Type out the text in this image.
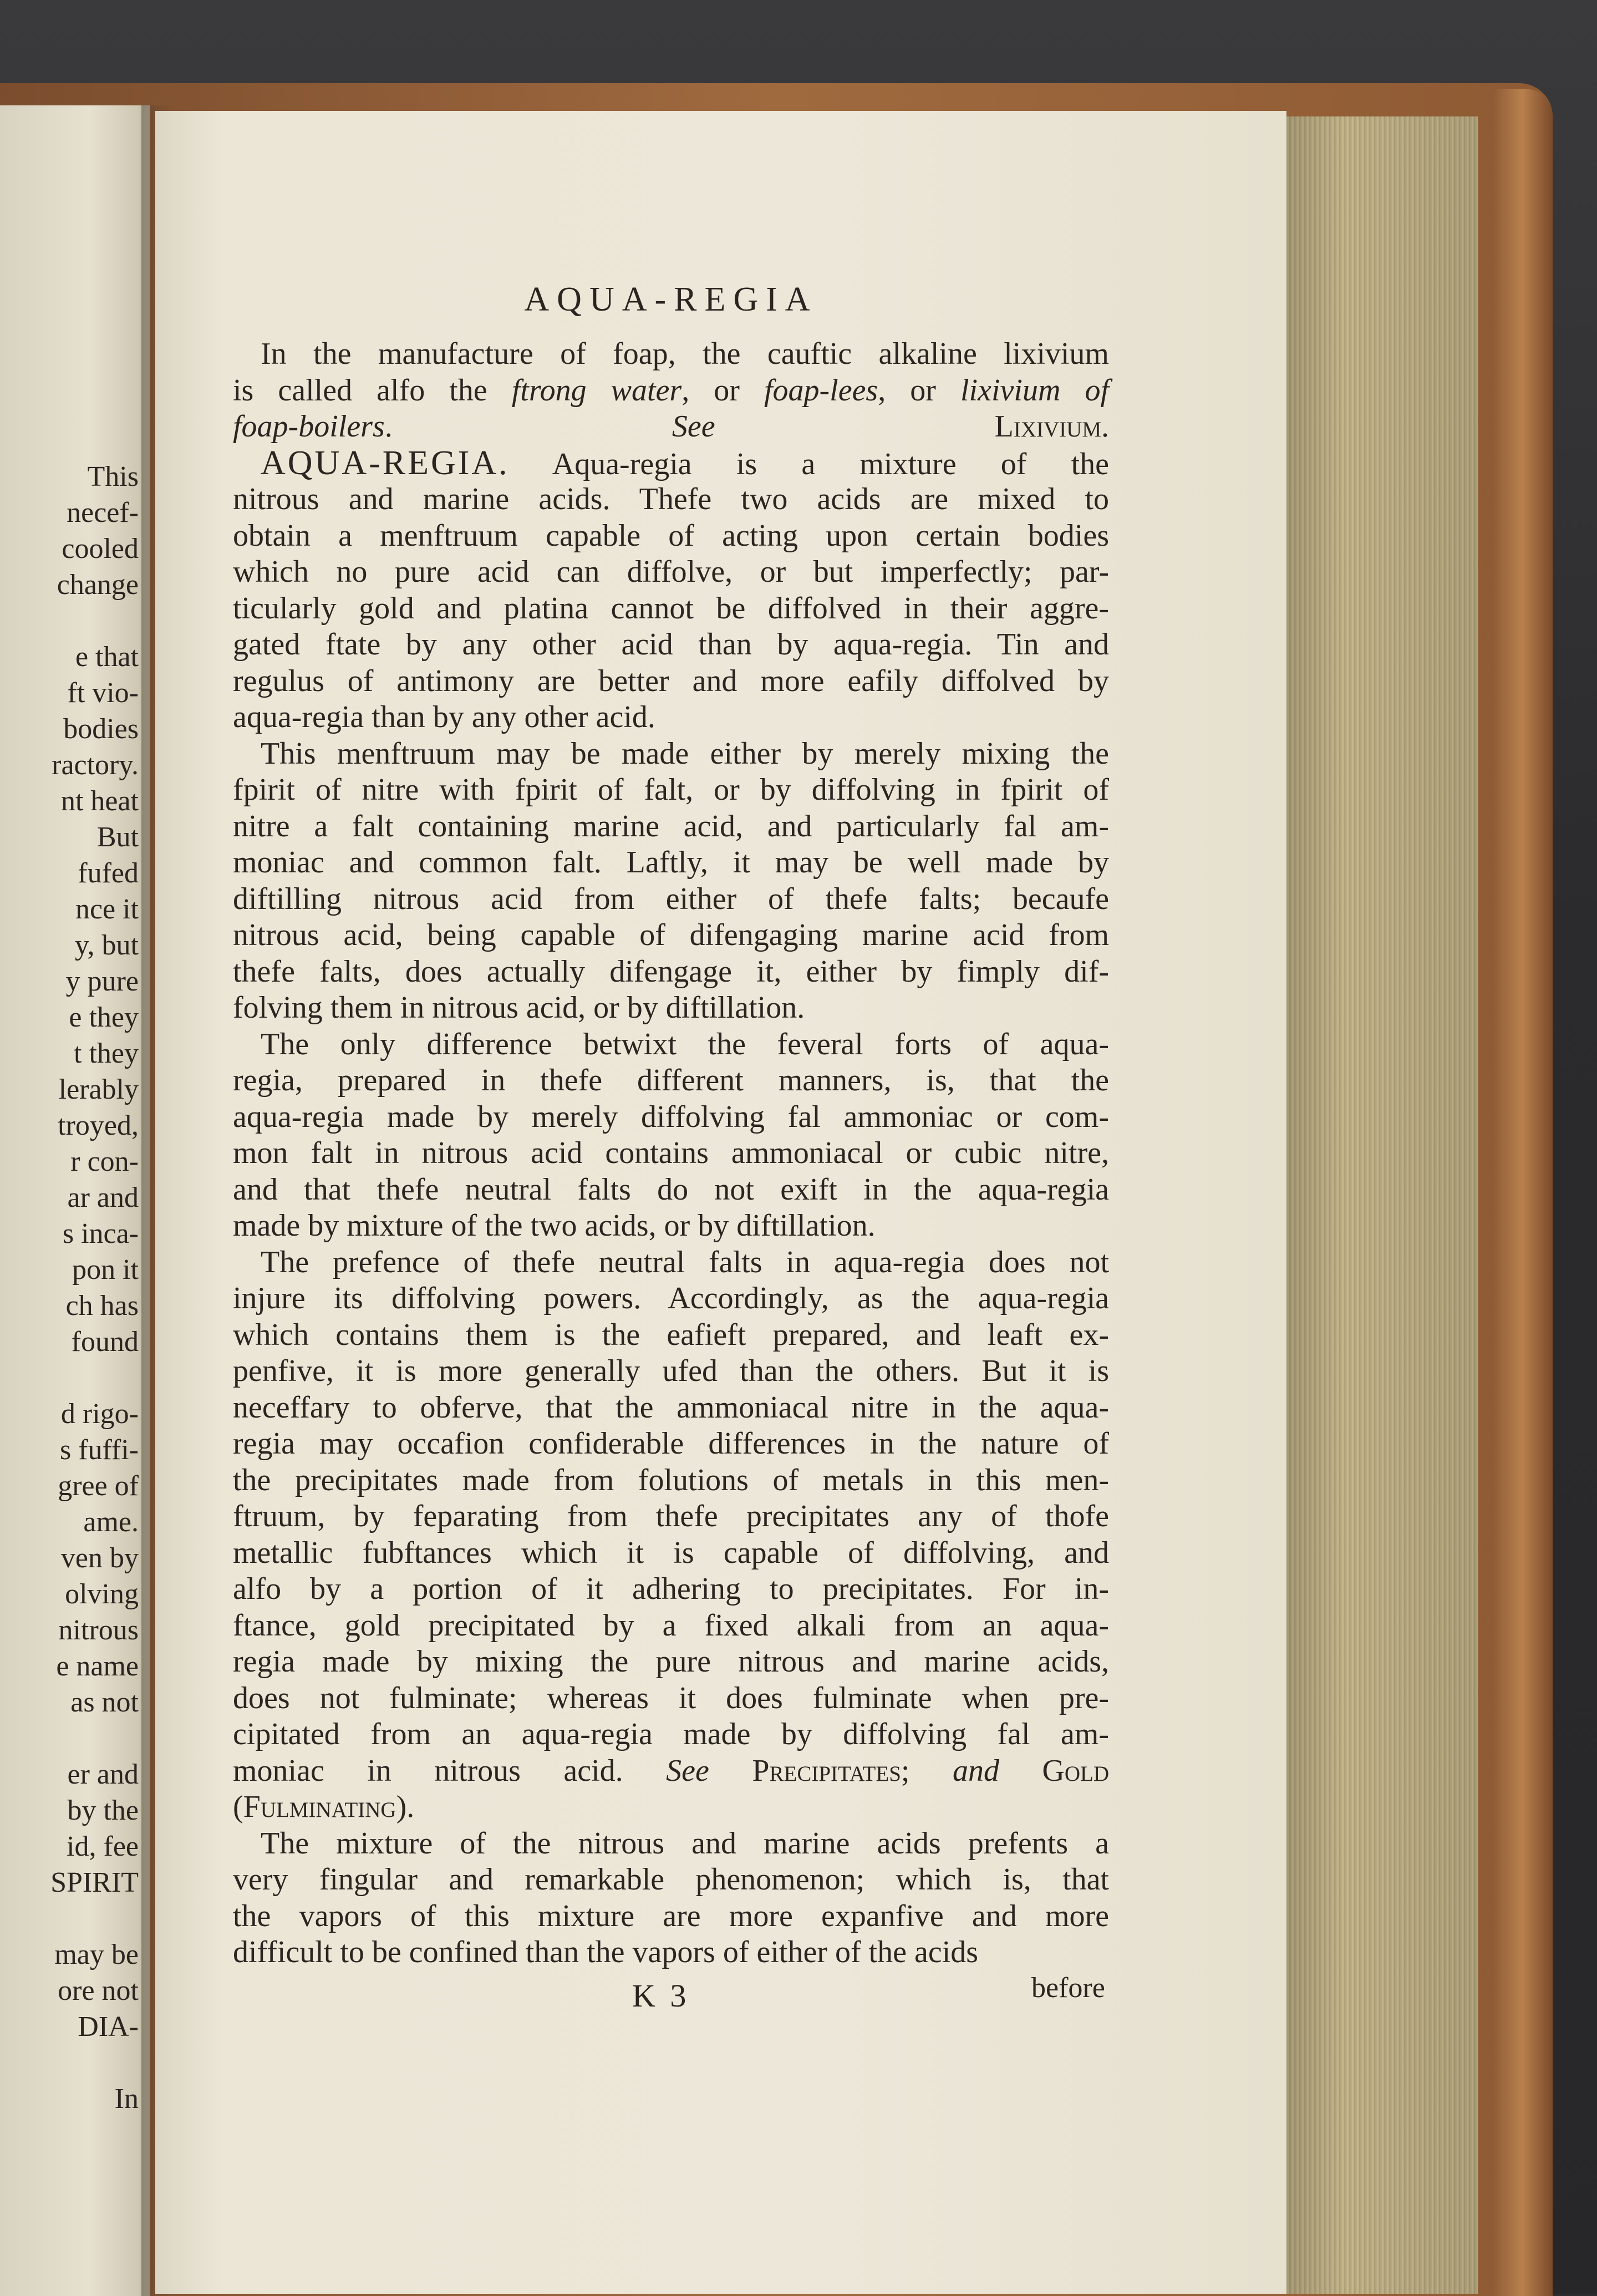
This
necef-
cooled
change
e that
ft vio-
bodies
ractory.
nt heat
But
fufed
nce it
y, but
y pure
e they
t they
lerably
troyed,
r con-
ar and
s inca-
pon it
ch has
found
d rigo-
s fuffi-
gree of
ame.
ven by
olving
nitrous
e name
as not
er and
by the
id, fee
SPIRIT
may be
ore not
DIA-
In
AQUA-REGIA
In the manufacture of foap, the cauftic alkaline lixivium
is called alfo the ftrong water, or foap-lees, or lixivium of
foap-boilers. See	Lixivium.
AQUA-REGIA. Aqua-regia is a mixture of the
nitrous and marine acids. Thefe two acids are mixed to
obtain a menftruum capable of acting upon certain bodies
which no pure acid can diffolve, or but imperfectly; par-
ticularly gold and platina cannot be diffolved in their aggre-
gated ftate by any other acid than by aqua-regia. Tin and
regulus of antimony are better and more eafily diffolved by
aqua-regia than by any other acid.
This menftruum may be made either by merely mixing the
fpirit of nitre with fpirit of falt, or by diffolving in fpirit of
nitre a falt containing marine acid, and particularly fal am-
moniac and common falt. Laftly, it may be well made by
diftilling nitrous acid from either of thefe falts; becaufe
nitrous acid, being capable of difengaging marine acid from
thefe falts, does actually difengage it, either by fimply dif-
folving them in nitrous acid, or by diftillation.
The only difference betwixt the feveral forts of aqua-
regia, prepared in thefe different manners, is, that the
aqua-regia made by merely diffolving fal ammoniac or com-
mon falt in nitrous acid contains ammoniacal or cubic nitre,
and that thefe neutral falts do not exift in the aqua-regia
made by mixture of the two acids, or by diftillation.
The prefence of thefe neutral falts in aqua-regia does not
injure its diffolving powers. Accordingly, as the aqua-regia
which contains them is the eafieft prepared, and leaft ex-
penfive, it is more generally ufed than the others. But it is
neceffary to obferve, that the ammoniacal nitre in the aqua-
regia may occafion confiderable differences in the nature of
the precipitates made from folutions of metals in this men-
ftruum, by feparating from thefe precipitates any of thofe
metallic fubftances which it is capable of diffolving, and
alfo by a portion of it adhering to precipitates. For in-
ftance, gold precipitated by a fixed alkali from an aqua-
regia made by mixing the pure nitrous and marine acids,
does not fulminate; whereas it does fulminate when pre-
cipitated from an aqua-regia made by diffolving fal am-
moniac in nitrous acid. See Precipitates; and Gold
(Fulminating).
The mixture of the nitrous and marine acids prefents a
very fingular and remarkable phenomenon; which is, that
the vapors of this mixture are more expanfive and more
difficult to be confined than the vapors of either of the acids
K 3	before
